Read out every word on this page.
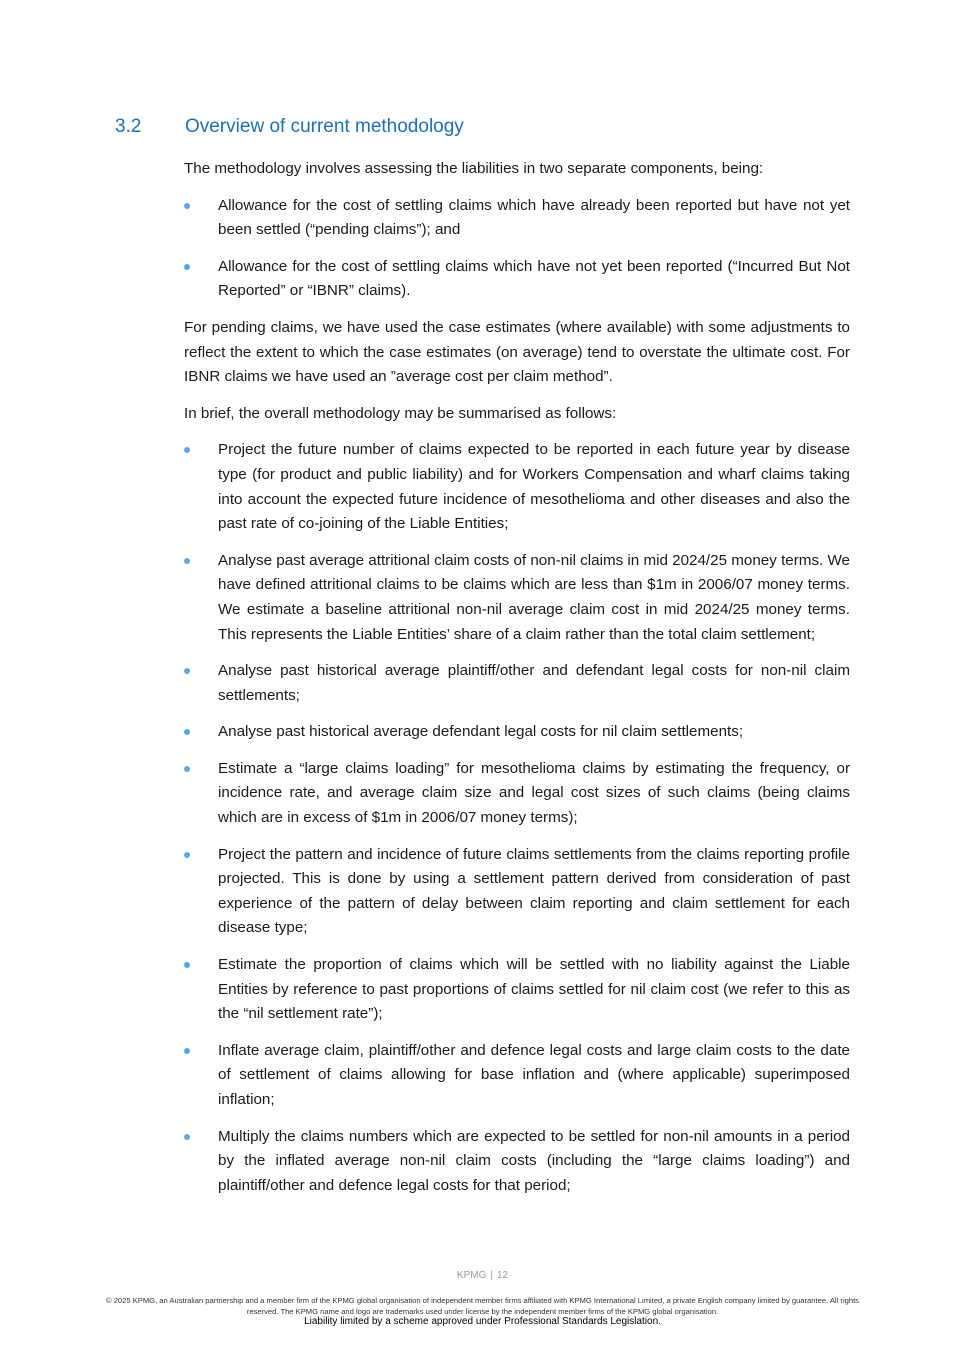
3.2	Overview of current methodology

The methodology involves assessing the liabilities in two separate components, being:

Allowance for the cost of settling claims which have already been reported but have not yet been settled (“pending claims”); and
Allowance for the cost of settling claims which have not yet been reported (“Incurred But Not Reported” or “IBNR” claims).

For pending claims, we have used the case estimates (where available) with some adjustments to reflect the extent to which the case estimates (on average) tend to overstate the ultimate cost. For IBNR claims we have used an ”average cost per claim method”.

In brief, the overall methodology may be summarised as follows:

Project the future number of claims expected to be reported in each future year by disease type (for product and public liability) and for Workers Compensation and wharf claims taking into account the expected future incidence of mesothelioma and other diseases and also the past rate of co-joining of the Liable Entities;
Analyse past average attritional claim costs of non-nil claims in mid 2024/25 money terms. We have defined attritional claims to be claims which are less than $1m in 2006/07 money terms. We estimate a baseline attritional non-nil average claim cost in mid 2024/25 money terms. This represents the Liable Entities’ share of a claim rather than the total claim settlement;
Analyse past historical average plaintiff/other and defendant legal costs for non-nil claim settlements;
Analyse past historical average defendant legal costs for nil claim settlements;
Estimate a “large claims loading” for mesothelioma claims by estimating the frequency, or incidence rate, and average claim size and legal cost sizes of such claims (being claims which are in excess of $1m in 2006/07 money terms);
Project the pattern and incidence of future claims settlements from the claims reporting profile projected. This is done by using a settlement pattern derived from consideration of past experience of the pattern of delay between claim reporting and claim settlement for each disease type;
Estimate the proportion of claims which will be settled with no liability against the Liable Entities by reference to past proportions of claims settled for nil claim cost (we refer to this as the “nil settlement rate”);
Inflate average claim, plaintiff/other and defence legal costs and large claim costs to the date of settlement of claims allowing for base inflation and (where applicable) superimposed inflation;
Multiply the claims numbers which are expected to be settled for non-nil amounts in a period by the inflated average non-nil claim costs (including the “large claims loading”) and plaintiff/other and defence legal costs for that period;
KPMG | 12
© 2025 KPMG, an Australian partnership and a member firm of the KPMG global organisation of independent member firms affiliated with KPMG International Limited, a private English company limited by guarantee. All rights reserved. The KPMG name and logo are trademarks used under license by the independent member firms of the KPMG global organisation.
Liability limited by a scheme approved under Professional Standards Legislation.
